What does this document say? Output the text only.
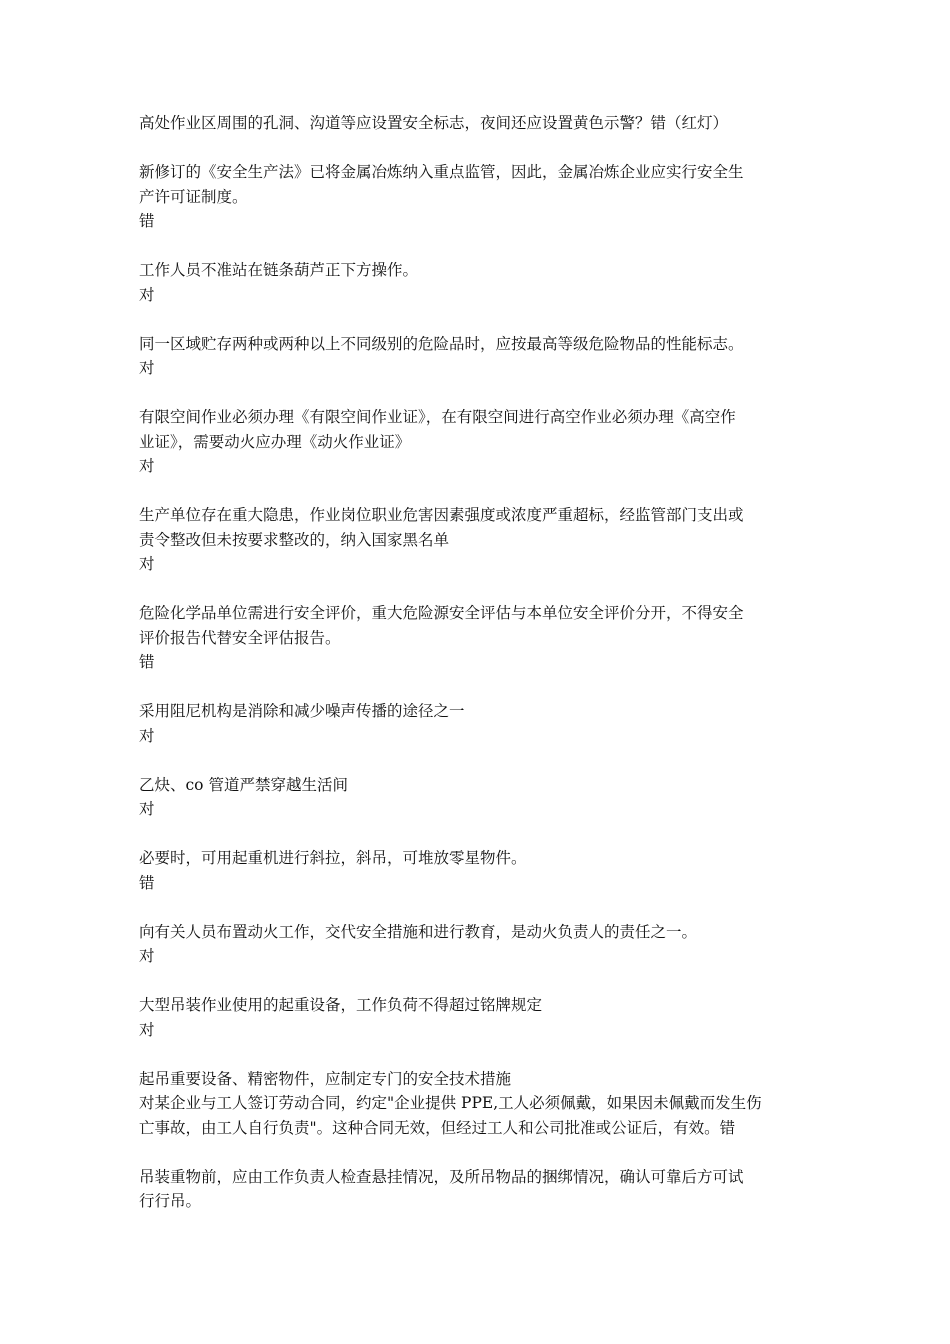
高处作业区周围的孔洞、沟道等应设置安全标志，夜间还应设置黄色示警？错（红灯）
新修订的《安全生产法》已将金属冶炼纳入重点监管，因此，金属冶炼企业应实行安全生
产许可证制度。
错
工作人员不准站在链条葫芦正下方操作。
对
同一区域贮存两种或两种以上不同级别的危险品时，应按最高等级危险物品的性能标志。
对
有限空间作业必须办理《有限空间作业证》，在有限空间进行高空作业必须办理《高空作
业证》，需要动火应办理《动火作业证》
对
生产单位存在重大隐患，作业岗位职业危害因素强度或浓度严重超标，经监管部门支出或
责令整改但未按要求整改的，纳入国家黑名单
对
危险化学品单位需进行安全评价，重大危险源安全评估与本单位安全评价分开，不得安全
评价报告代替安全评估报告。
错
采用阻尼机构是消除和减少噪声传播的途径之一
对
乙炔、co 管道严禁穿越生活间
对
必要时，可用起重机进行斜拉，斜吊，可堆放零星物件。
错
向有关人员布置动火工作，交代安全措施和进行教育，是动火负责人的责任之一。
对
大型吊装作业使用的起重设备，工作负荷不得超过铭牌规定
对
起吊重要设备、精密物件，应制定专门的安全技术措施
对某企业与工人签订劳动合同，约定"企业提供 PPE,工人必须佩戴，如果因未佩戴而发生伤
亡事故，由工人自行负责"。这种合同无效，但经过工人和公司批准或公证后，有效。错
吊装重物前，应由工作负责人检查悬挂情况，及所吊物品的捆绑情况，确认可靠后方可试
行行吊。
